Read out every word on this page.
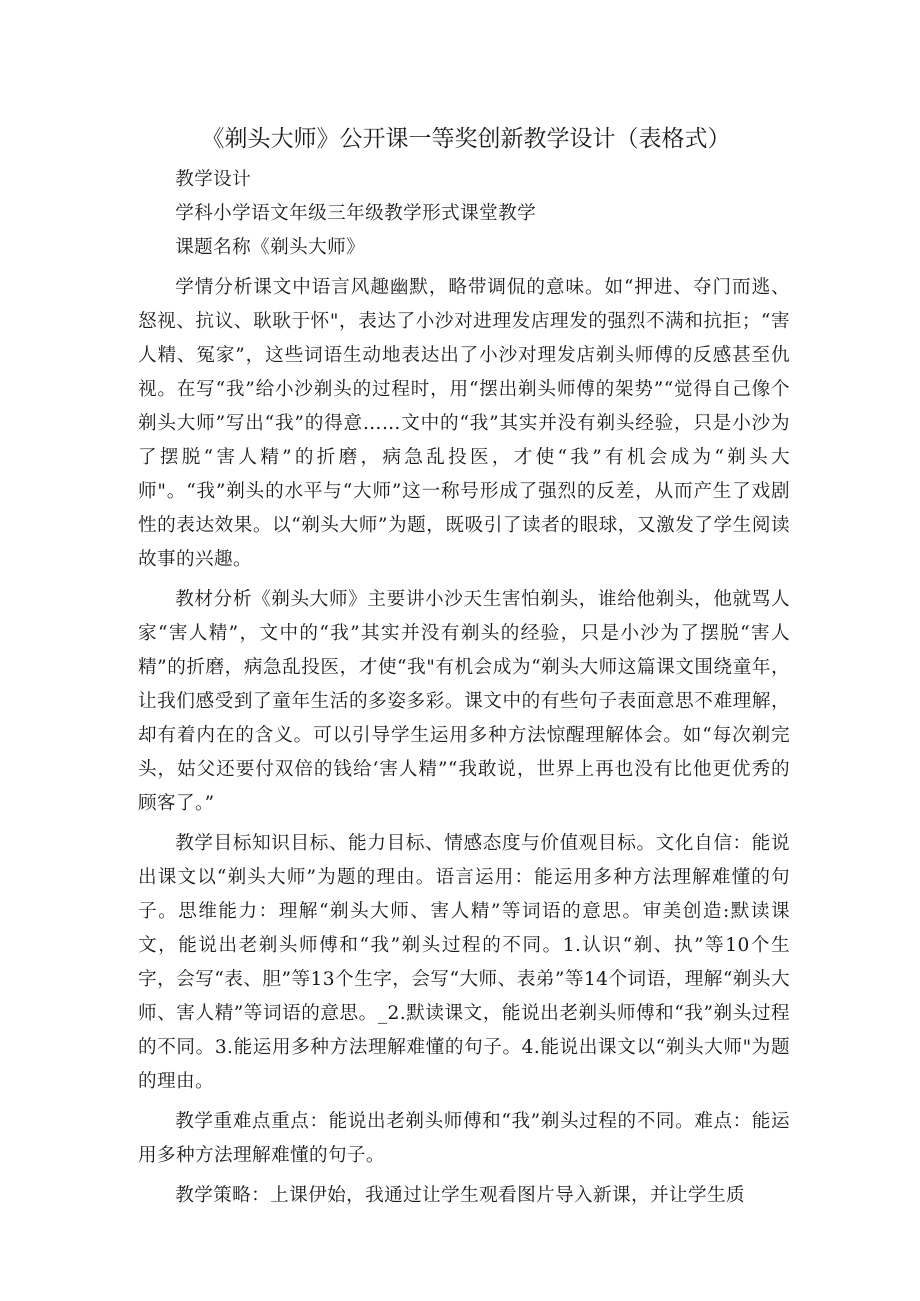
《剃头大师》公开课一等奖创新教学设计（表格式）

教学设计

学科小学语文年级三年级教学形式课堂教学

课题名称《剃头大师》

学情分析课文中语言风趣幽默，略带调侃的意味。如“押进、夺门而逃、怒视、抗议、耿耿于怀"，表达了小沙对进理发店理发的强烈不满和抗拒；“害人精、冤家”，这些词语生动地表达出了小沙对理发店剃头师傅的反感甚至仇视。在写“我”给小沙剃头的过程时，用“摆出剃头师傅的架势”“觉得自己像个剃头大师”写出“我”的得意……文中的“我”其实并没有剃头经验，只是小沙为了摆脱“害人精”的折磨，病急乱投医，才使“我”有机会成为“剃头大师"。“我”剃头的水平与“大师”这一称号形成了强烈的反差，从而产生了戏剧性的表达效果。以“剃头大师”为题，既吸引了读者的眼球，又激发了学生阅读故事的兴趣。

教材分析《剃头大师》主要讲小沙天生害怕剃头，谁给他剃头，他就骂人家“害人精”，文中的“我”其实并没有剃头的经验，只是小沙为了摆脱“害人精”的折磨，病急乱投医，才使“我"有机会成为“剃头大师这篇课文围绕童年，让我们感受到了童年生活的多姿多彩。课文中的有些句子表面意思不难理解，却有着内在的含义。可以引导学生运用多种方法惊醒理解体会。如“每次剃完头，姑父还要付双倍的钱给‘害人精”“我敢说，世界上再也没有比他更优秀的顾客了。”

教学目标知识目标、能力目标、情感态度与价值观目标。文化自信：能说出课文以“剃头大师”为题的理由。语言运用：能运用多种方法理解难懂的句子。思维能力：理解“剃头大师、害人精”等词语的意思。审美创造:默读课文，能说出老剃头师傅和“我”剃头过程的不同。1.认识“剃、执”等10个生字，会写“表、胆”等13个生字，会写“大师、表弟”等14个词语，理解“剃头大师、害人精”等词语的意思。_2.默读课文，能说出老剃头师傅和“我”剃头过程的不同。3.能运用多种方法理解难懂的句子。4.能说出课文以“剃头大师"为题的理由。

教学重难点重点：能说出老剃头师傅和“我”剃头过程的不同。难点：能运用多种方法理解难懂的句子。

教学策略：上课伊始，我通过让学生观看图片导入新课，并让学生质
